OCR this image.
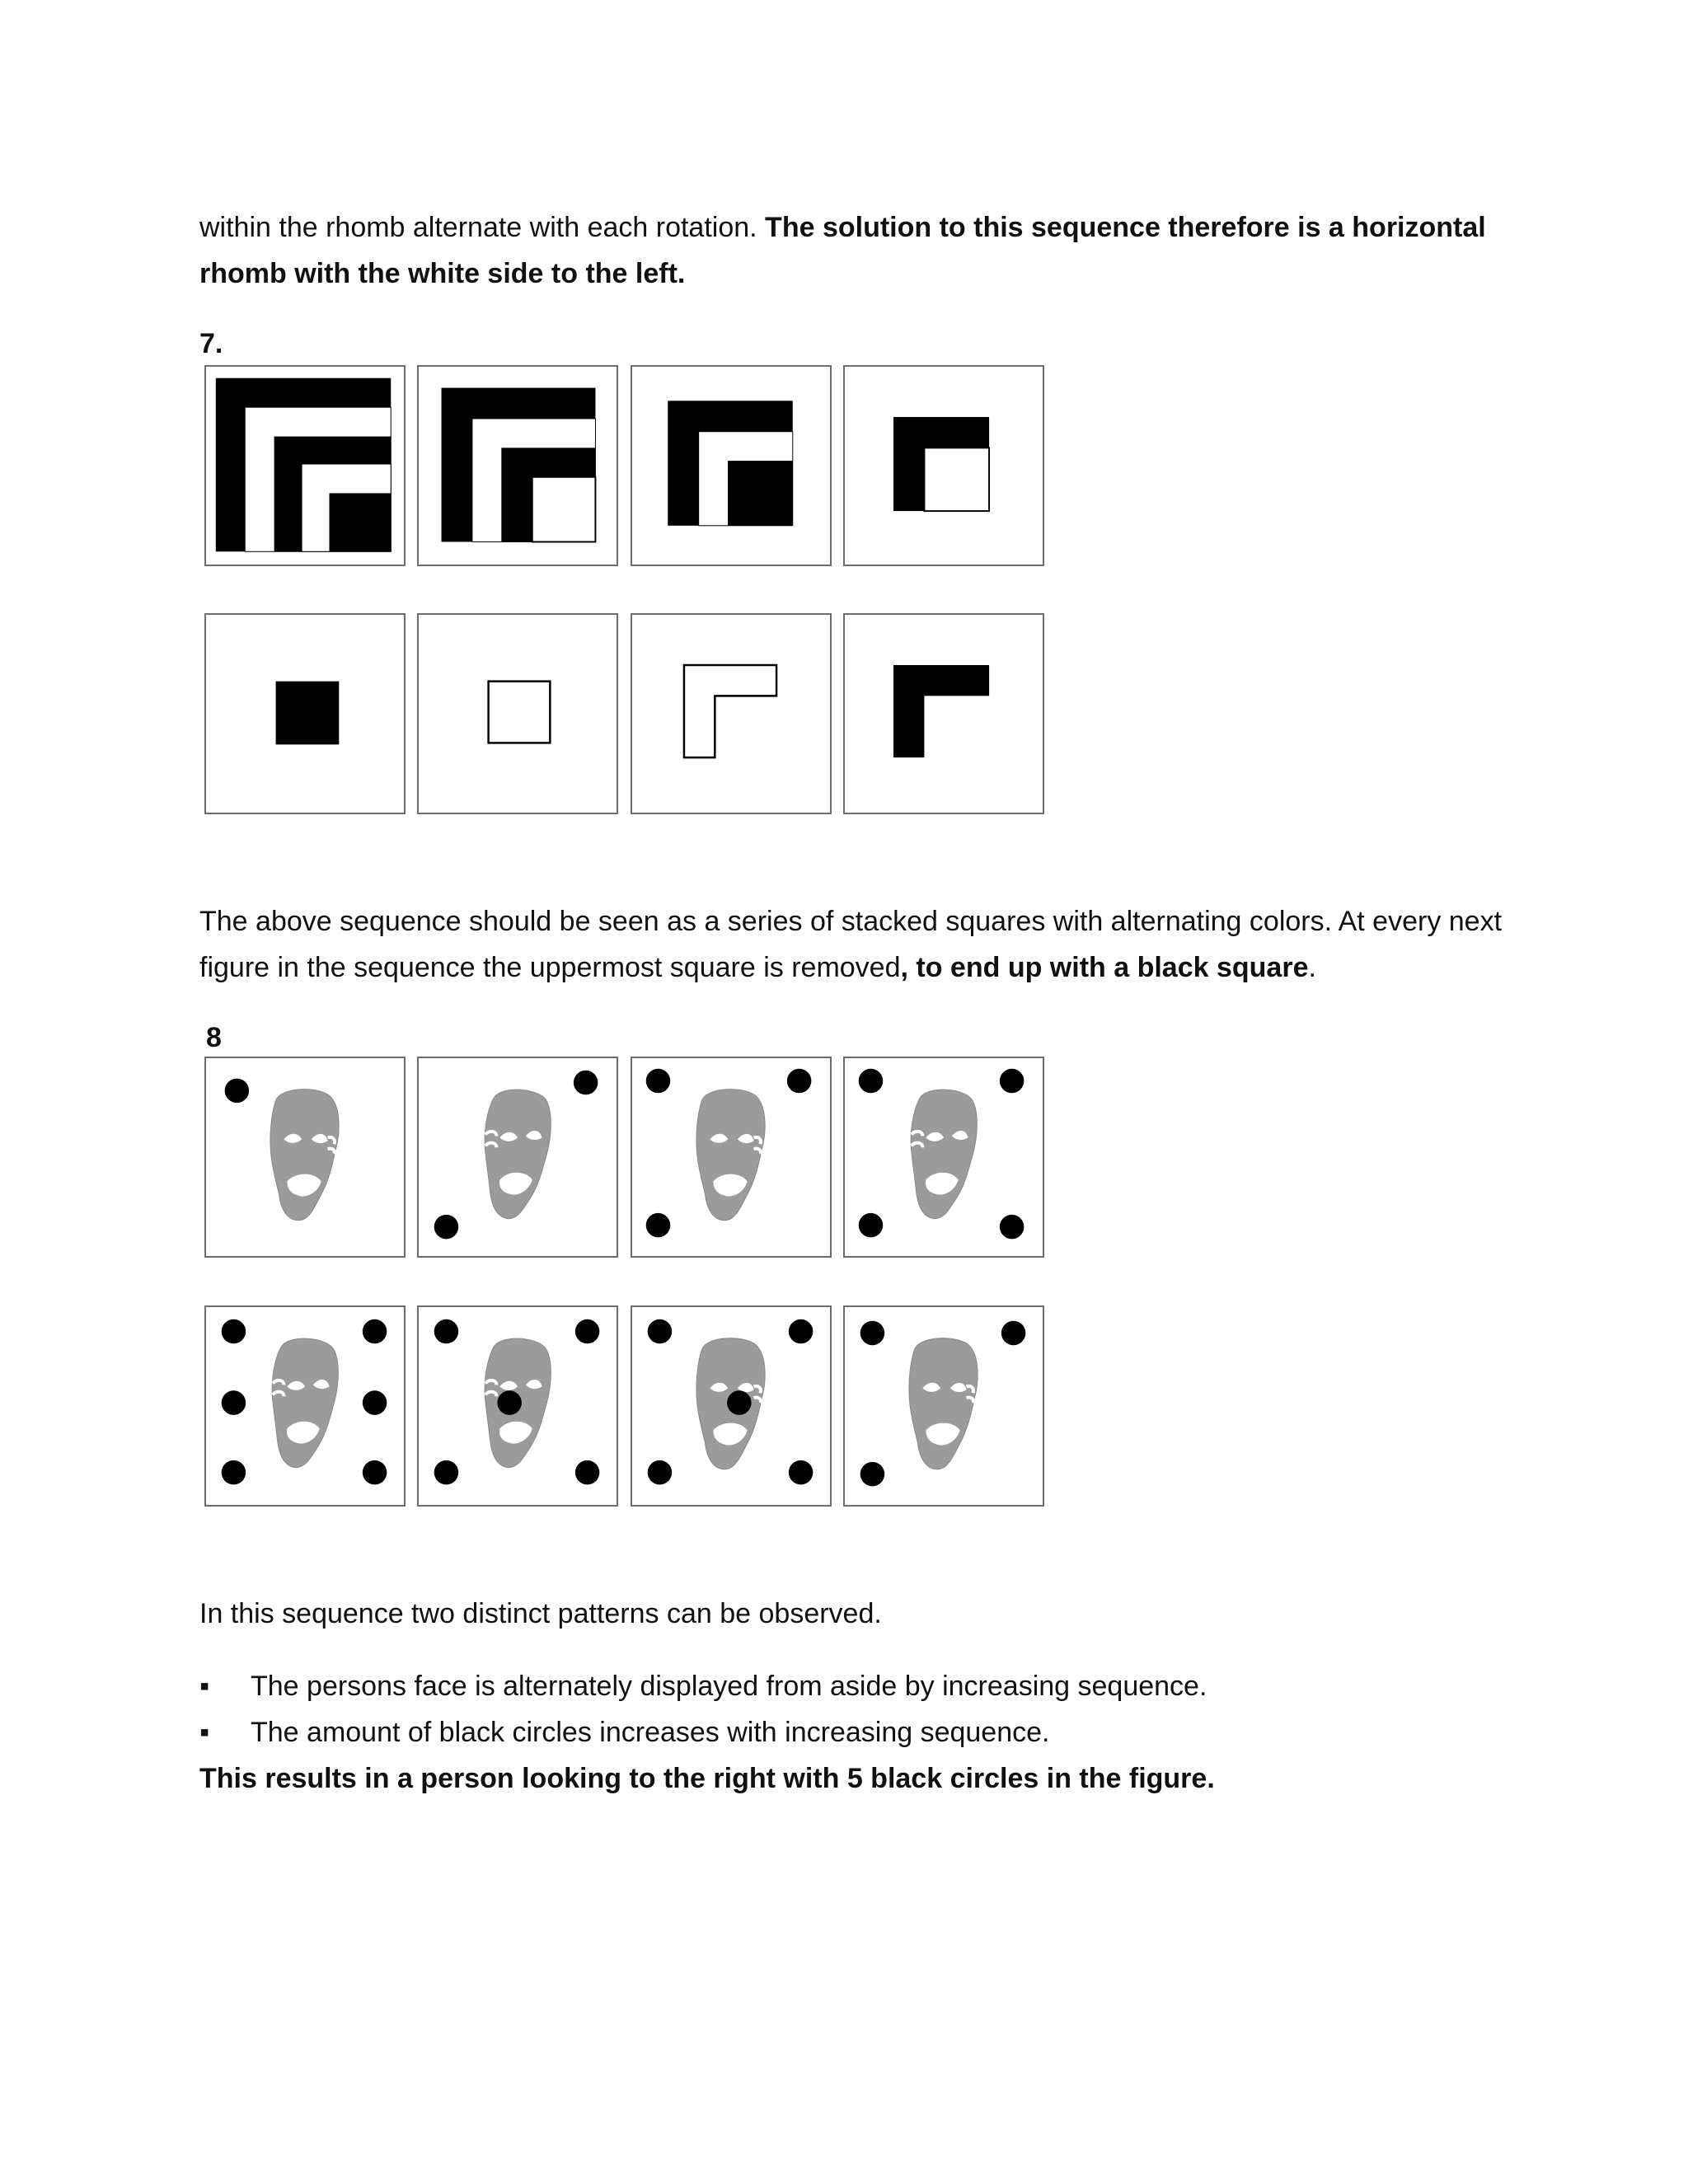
within the rhomb alternate with each rotation. The solution to this sequence therefore is a horizontal rhomb with the white side to the left.
7.
The above sequence should be seen as a series of stacked squares with alternating colors. At every next figure in the sequence the uppermost square is removed, to end up with a black square.
8
In this sequence two distinct patterns can be observed.
▪ The persons face is alternately displayed from aside by increasing sequence.
▪ The amount of black circles increases with increasing sequence.
This results in a person looking to the right with 5 black circles in the figure.
